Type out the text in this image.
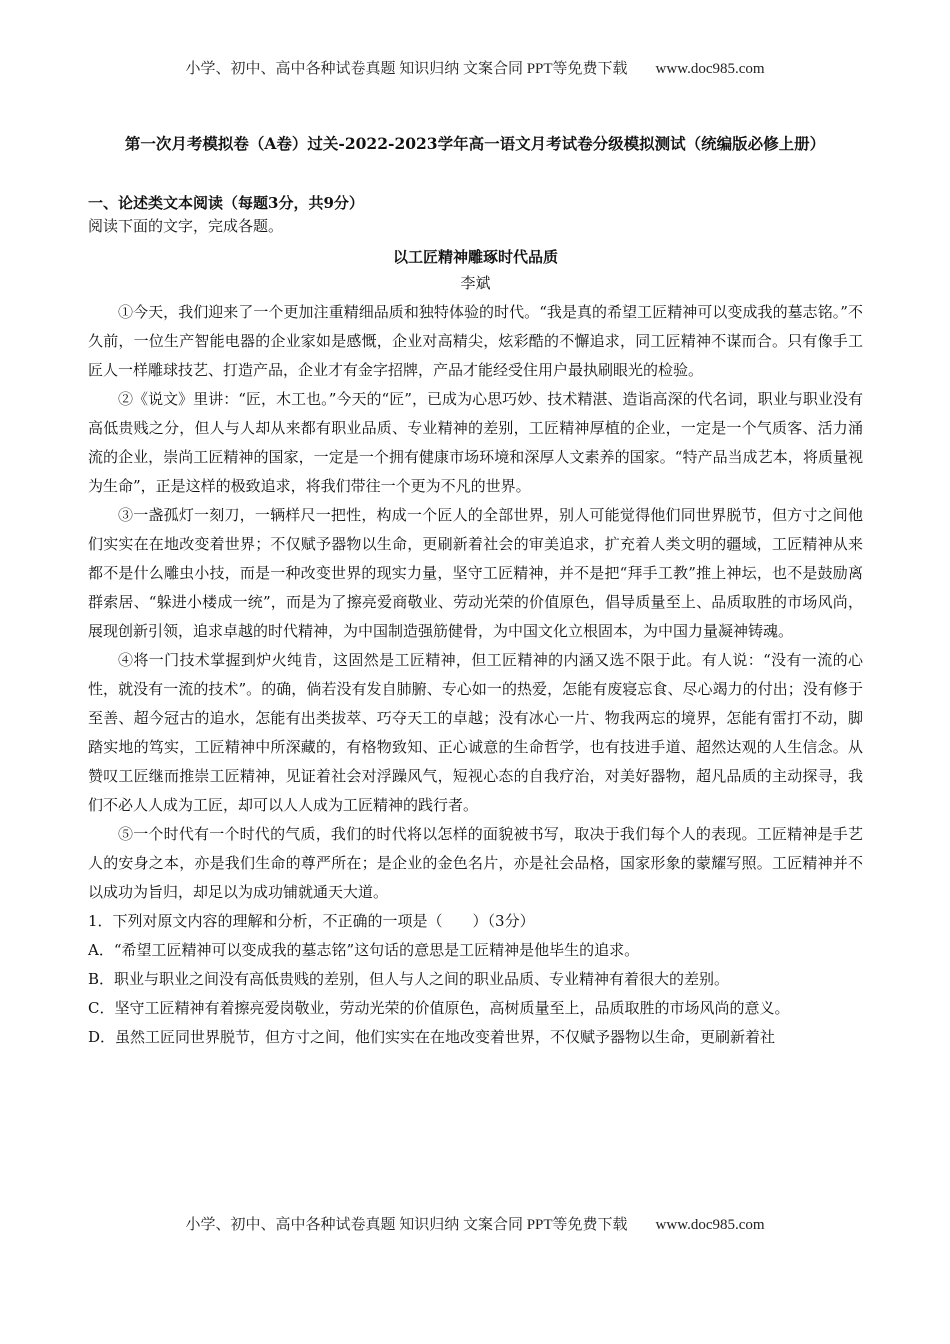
小学、初中、高中各种试卷真题 知识归纳 文案合同 PPT等免费下载 www.doc985.com
第一次月考模拟卷（A卷）过关-2022-2023学年高一语文月考试卷分级模拟测试（统编版必修上册）
一、论述类文本阅读（每题3分，共9分）
阅读下面的文字，完成各题。
以工匠精神雕琢时代品质
李斌

①今天，我们迎来了一个更加注重精细品质和独特体验的时代。“我是真的希望工匠精神可以变成我的墓志铭。”不久前，一位生产智能电器的企业家如是感慨，企业对高精尖，炫彩酷的不懈追求，同工匠精神不谋而合。只有像手工匠人一样雕球技艺、打造产品，企业才有金字招牌，产品才能经受住用户最执刷眼光的检验。

②《说文》里讲：“匠，木工也。”今天的“匠”，已成为心思巧妙、技术精湛、造诣高深的代名词，职业与职业没有高低贵贱之分，但人与人却从来都有职业品质、专业精神的差别，工匠精神厚植的企业，一定是一个气质客、活力涌流的企业，崇尚工匠精神的国家，一定是一个拥有健康市场环境和深厚人文素养的国家。“特产品当成艺本，将质量视为生命”，正是这样的极致追求，将我们带往一个更为不凡的世界。

③一盏孤灯一刻刀，一辆样尺一把性，构成一个匠人的全部世界，别人可能觉得他们同世界脱节，但方寸之间他们实实在在地改变着世界；不仅赋予器物以生命，更刷新着社会的审美追求，扩充着人类文明的疆域，工匠精神从来都不是什么雕虫小技，而是一种改变世界的现实力量，坚守工匠精神，并不是把“拜手工教”推上神坛，也不是鼓励离群索居、“躲进小楼成一统”，而是为了擦亮爱商敬业、劳动光荣的价值原色，倡导质量至上、品质取胜的市场风尚，展现创新引领，追求卓越的时代精神，为中国制造强筋健骨，为中国文化立根固本，为中国力量凝神铸魂。

④将一门技术掌握到炉火纯肯，这固然是工匠精神，但工匠精神的内涵又选不限于此。有人说：“没有一流的心性，就没有一流的技术”。的确，倘若没有发自肺腑、专心如一的热爱，怎能有废寝忘食、尽心竭力的付出；没有修于至善、超今冠古的追水，怎能有出类拔萃、巧夺天工的卓越；没有冰心一片、物我两忘的境界，怎能有雷打不动，脚踏实地的笃实，工匠精神中所深藏的，有格物致知、正心诚意的生命哲学，也有技进手道、超然达观的人生信念。从赞叹工匠继而推崇工匠精神，见证着社会对浮躁风气，短视心态的自我疗治，对美好器物，超凡品质的主动探寻，我们不必人人成为工匠，却可以人人成为工匠精神的践行者。

⑤一个时代有一个时代的气质，我们的时代将以怎样的面貌被书写，取决于我们每个人的表现。工匠精神是手艺人的安身之本，亦是我们生命的尊严所在；是企业的金色名片，亦是社会品格，国家形象的蒙耀写照。工匠精神并不以成功为旨归，却足以为成功铺就通天大道。

1．下列对原文内容的理解和分析，不正确的一项是（　　）（3分）

A．“希望工匠精神可以变成我的墓志铭”这句话的意思是工匠精神是他毕生的追求。

B．职业与职业之间没有高低贵贱的差别，但人与人之间的职业品质、专业精神有着很大的差别。

C．坚守工匠精神有着擦亮爱岗敬业，劳动光荣的价值原色，高树质量至上，品质取胜的市场风尚的意义。

D．虽然工匠同世界脱节，但方寸之间，他们实实在在地改变着世界，不仅赋予器物以生命，更刷新着社

小学、初中、高中各种试卷真题 知识归纳 文案合同 PPT等免费下载 www.doc985.com
